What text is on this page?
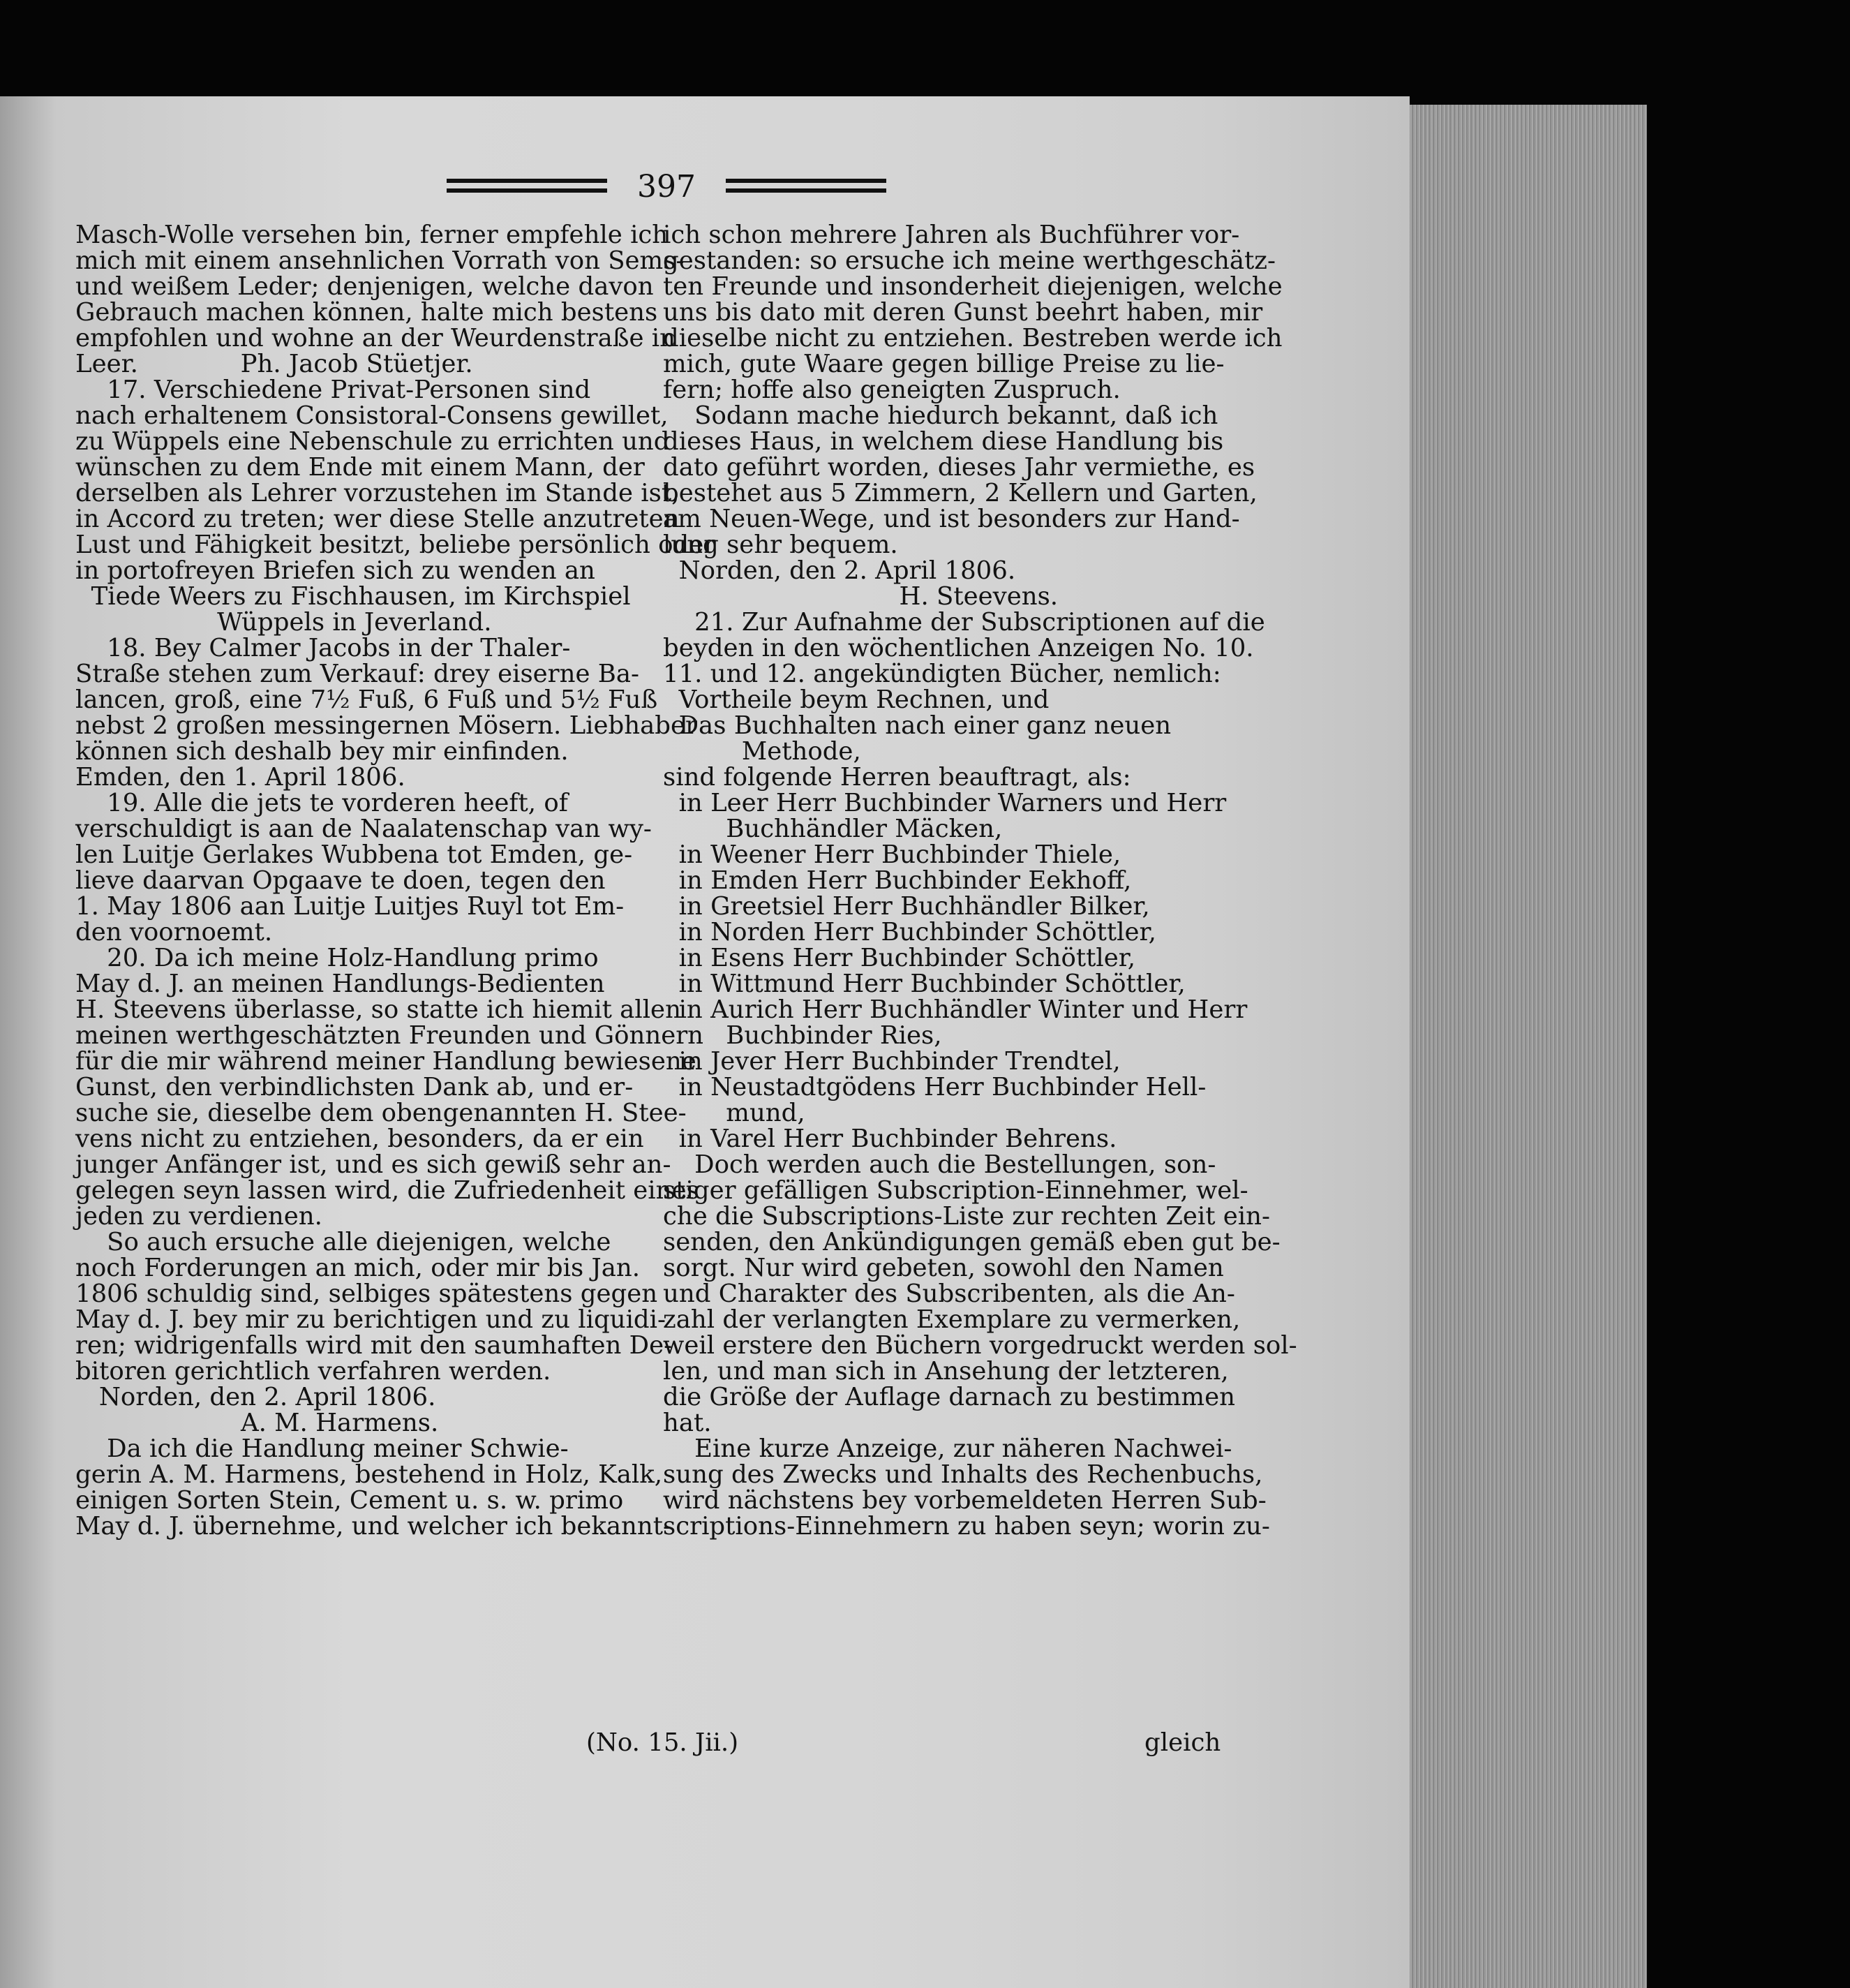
397
Masch-Wolle versehen bin, ferner empfehle ich
mich mit einem ansehnlichen Vorrath von Sems-
und weißem Leder; denjenigen, welche davon
Gebrauch machen können, halte mich bestens
empfohlen und wohne an der Weurdenstraße in
Leer.             Ph. Jacob Stüetjer.
17. Verschiedene Privat-Personen sind
nach erhaltenem Consistoral-Consens gewillet,
zu Wüppels eine Nebenschule zu errichten und
wünschen zu dem Ende mit einem Mann, der
derselben als Lehrer vorzustehen im Stande ist,
in Accord zu treten; wer diese Stelle anzutreten
Lust und Fähigkeit besitzt, beliebe persönlich oder
in portofreyen Briefen sich zu wenden an
Tiede Weers zu Fischhausen, im Kirchspiel
Wüppels in Jeverland.
18. Bey Calmer Jacobs in der Thaler-
Straße stehen zum Verkauf: drey eiserne Ba-
lancen, groß, eine 7½ Fuß, 6 Fuß und 5½ Fuß
nebst 2 großen messingernen Mösern. Liebhaber
können sich deshalb bey mir einfinden.
Emden, den 1. April 1806.
19. Alle die jets te vorderen heeft, of
verschuldigt is aan de Naalatenschap van wy-
len Luitje Gerlakes Wubbena tot Emden, ge-
lieve daarvan Opgaave te doen, tegen den
1. May 1806 aan Luitje Luitjes Ruyl tot Em-
den voornoemt.
20. Da ich meine Holz-Handlung primo
May d. J. an meinen Handlungs-Bedienten
H. Steevens überlasse, so statte ich hiemit allen
meinen werthgeschätzten Freunden und Gönnern
für die mir während meiner Handlung bewiesene
Gunst, den verbindlichsten Dank ab, und er-
suche sie, dieselbe dem obengenannten H. Stee-
vens nicht zu entziehen, besonders, da er ein
junger Anfänger ist, und es sich gewiß sehr an-
gelegen seyn lassen wird, die Zufriedenheit eines
jeden zu verdienen.
So auch ersuche alle diejenigen, welche
noch Forderungen an mich, oder mir bis Jan.
1806 schuldig sind, selbiges spätestens gegen
May d. J. bey mir zu berichtigen und zu liquidi-
ren; widrigenfalls wird mit den saumhaften De-
bitoren gerichtlich verfahren werden.
Norden, den 2. April 1806.
A. M. Harmens.
Da ich die Handlung meiner Schwie-
gerin A. M. Harmens, bestehend in Holz, Kalk,
einigen Sorten Stein, Cement u. s. w. primo
May d. J. übernehme, und welcher ich bekannt-
ich schon mehrere Jahren als Buchführer vor-
gestanden: so ersuche ich meine werthgeschätz-
ten Freunde und insonderheit diejenigen, welche
uns bis dato mit deren Gunst beehrt haben, mir
dieselbe nicht zu entziehen. Bestreben werde ich
mich, gute Waare gegen billige Preise zu lie-
fern; hoffe also geneigten Zuspruch.
Sodann mache hiedurch bekannt, daß ich
dieses Haus, in welchem diese Handlung bis
dato geführt worden, dieses Jahr vermiethe, es
bestehet aus 5 Zimmern, 2 Kellern und Garten,
am Neuen-Wege, und ist besonders zur Hand-
lung sehr bequem.
Norden, den 2. April 1806.
H. Steevens.
21. Zur Aufnahme der Subscriptionen auf die
beyden in den wöchentlichen Anzeigen No. 10.
11. und 12. angekündigten Bücher, nemlich:
Vortheile beym Rechnen, und
Das Buchhalten nach einer ganz neuen
Methode,
sind folgende Herren beauftragt, als:
in Leer Herr Buchbinder Warners und Herr
Buchhändler Mäcken,
in Weener Herr Buchbinder Thiele,
in Emden Herr Buchbinder Eekhoff,
in Greetsiel Herr Buchhändler Bilker,
in Norden Herr Buchbinder Schöttler,
in Esens Herr Buchbinder Schöttler,
in Wittmund Herr Buchbinder Schöttler,
in Aurich Herr Buchhändler Winter und Herr
Buchbinder Ries,
in Jever Herr Buchbinder Trendtel,
in Neustadtgödens Herr Buchbinder Hell-
mund,
in Varel Herr Buchbinder Behrens.
Doch werden auch die Bestellungen, son-
stiger gefälligen Subscription-Einnehmer, wel-
che die Subscriptions-Liste zur rechten Zeit ein-
senden, den Ankündigungen gemäß eben gut be-
sorgt. Nur wird gebeten, sowohl den Namen
und Charakter des Subscribenten, als die An-
zahl der verlangten Exemplare zu vermerken,
weil erstere den Büchern vorgedruckt werden sol-
len, und man sich in Ansehung der letzteren,
die Größe der Auflage darnach zu bestimmen
hat.
Eine kurze Anzeige, zur näheren Nachwei-
sung des Zwecks und Inhalts des Rechenbuchs,
wird nächstens bey vorbemeldeten Herren Sub-
scriptions-Einnehmern zu haben seyn; worin zu-
(No. 15. Jii.)	gleich
